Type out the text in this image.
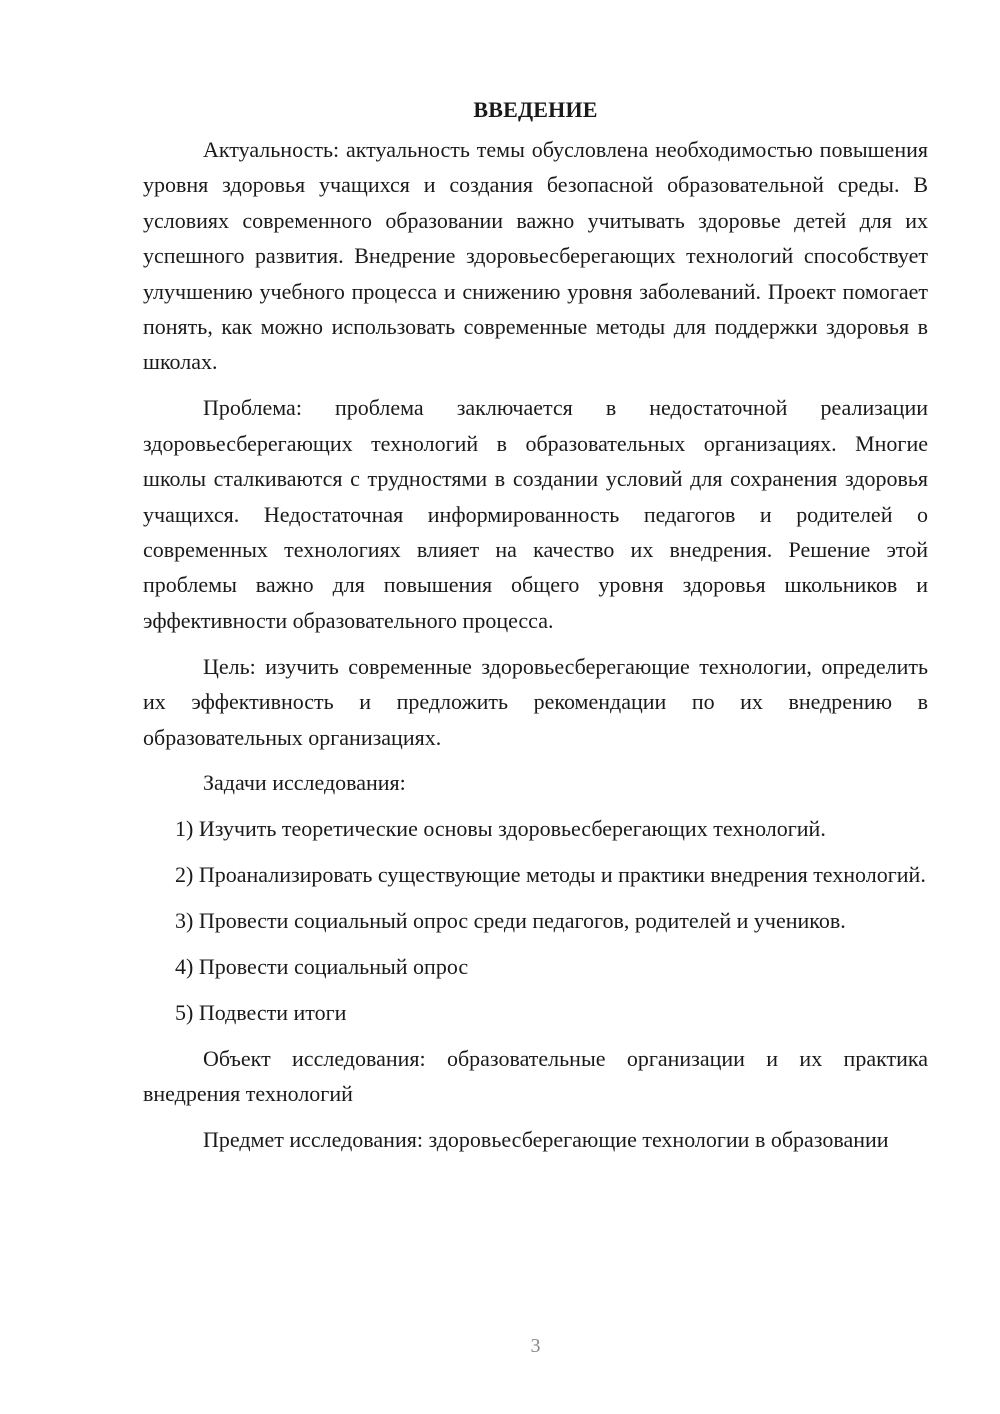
ВВЕДЕНИЕ

Актуальность: актуальность темы обусловлена необходимостью повышения уровня здоровья учащихся и создания безопасной образовательной среды. В условиях современного образовании важно учитывать здоровье детей для их успешного развития. Внедрение здоровьесберегающих технологий способствует улучшению учебного процесса и снижению уровня заболеваний. Проект помогает понять, как можно использовать современные методы для поддержки здоровья в школах.

Проблема: проблема заключается в недостаточной реализации здоровьесберегающих технологий в образовательных организациях. Многие школы сталкиваются с трудностями в создании условий для сохранения здоровья учащихся. Недостаточная информированность педагогов и родителей о современных технологиях влияет на качество их внедрения. Решение этой проблемы важно для повышения общего уровня здоровья школьников и эффективности образовательного процесса.

Цель: изучить современные здоровьесберегающие технологии, определить их эффективность и предложить рекомендации по их внедрению в образовательных организациях.

Задачи исследования:

1) Изучить теоретические основы здоровьесберегающих технологий.

2) Проанализировать существующие методы и практики внедрения технологий.

3) Провести социальный опрос среди педагогов, родителей и учеников.

4) Провести социальный опрос

5) Подвести итоги

Объект исследования: образовательные организации и их практика внедрения технологий

Предмет исследования: здоровьесберегающие технологии в образовании

3
